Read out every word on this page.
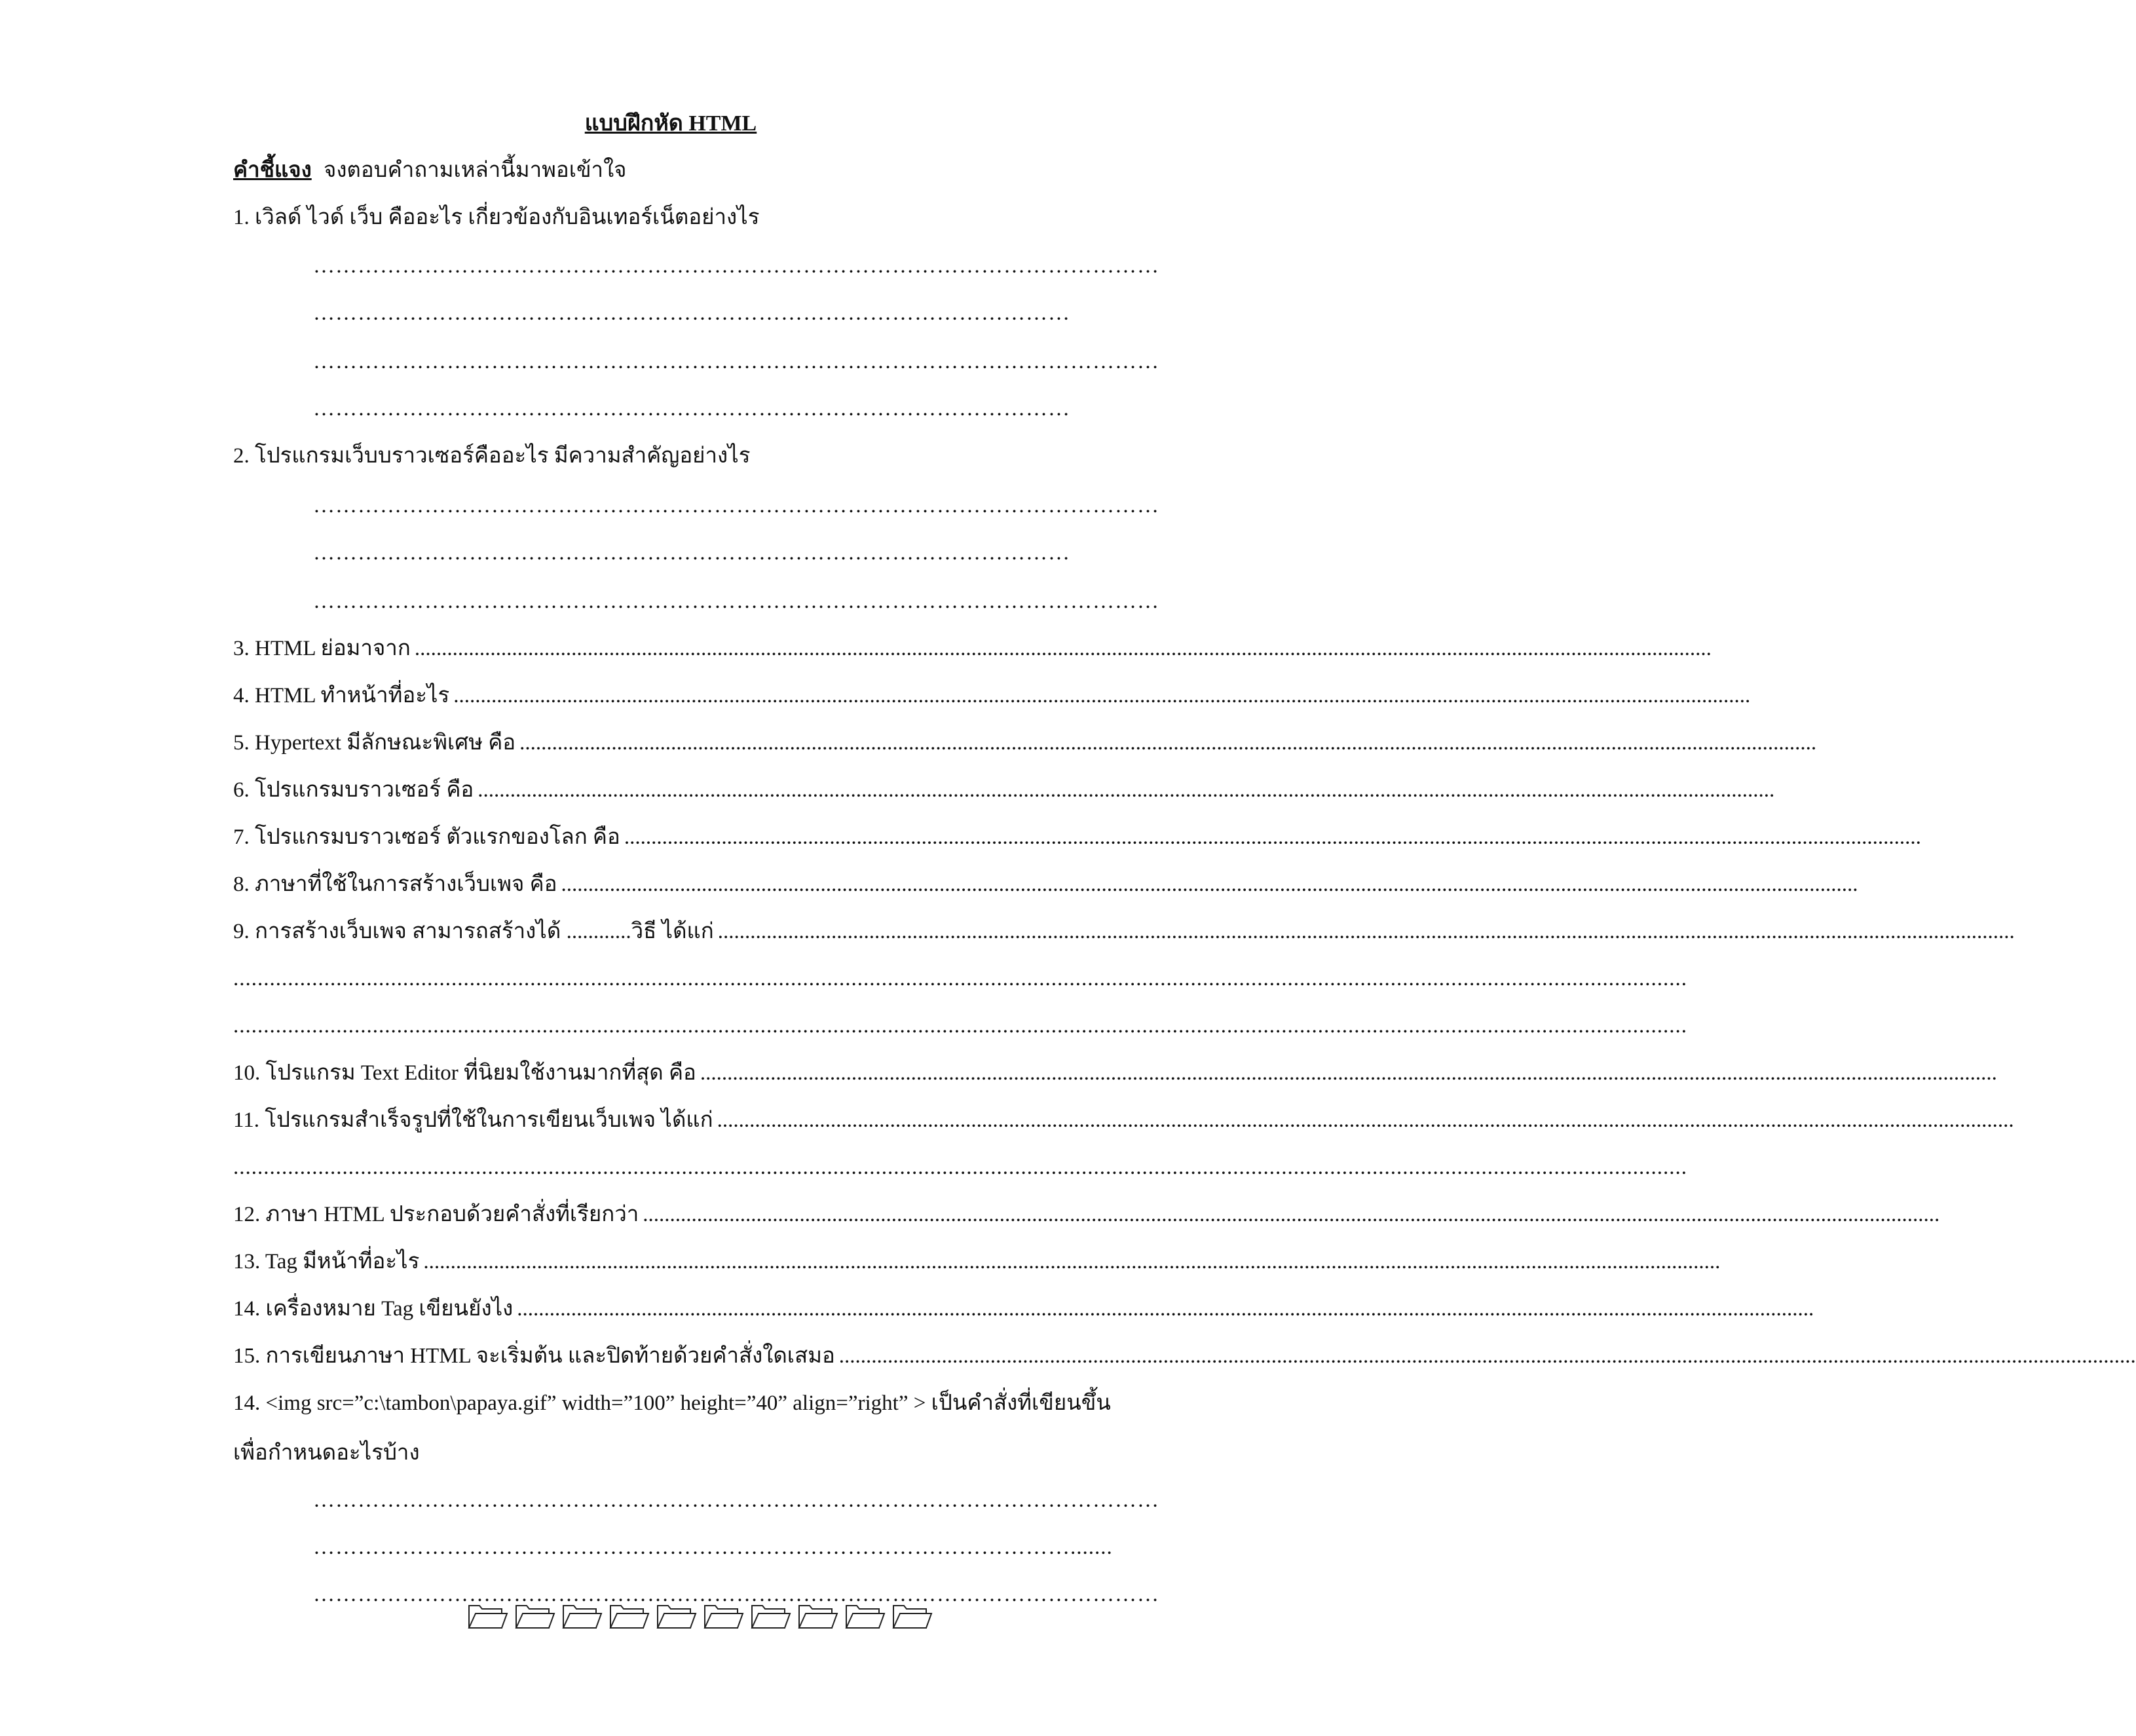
แบบฝึกหัด HTML
คำชี้แจง จงตอบคำถามเหล่านี้มาพอเข้าใจ
1. เวิลด์ ไวด์ เว็บ คืออะไร เกี่ยวข้องกับอินเทอร์เน็ตอย่างไร
……………………………………………………………………………………………………
…………………………………………………………………………………………
……………………………………………………………………………………………………
…………………………………………………………………………………………
2. โปรแกรมเว็บบราวเซอร์คืออะไร มีความสำคัญอย่างไร
……………………………………………………………………………………………………
…………………………………………………………………………………………
……………………………………………………………………………………………………
3. HTML ย่อมาจาก ................................................................................................................................................................................................................................................
4. HTML ทำหน้าที่อะไร ................................................................................................................................................................................................................................................
5. Hypertext มีลักษณะพิเศษ คือ ................................................................................................................................................................................................................................................
6. โปรแกรมบราวเซอร์ คือ ................................................................................................................................................................................................................................................
7. โปรแกรมบราวเซอร์ ตัวแรกของโลก คือ ................................................................................................................................................................................................................................................
8. ภาษาที่ใช้ในการสร้างเว็บเพจ คือ ................................................................................................................................................................................................................................................
9. การสร้างเว็บเพจ สามารถสร้างได้ ............วิธี ได้แก่ ................................................................................................................................................................................................................................................
................................................................................................................................................................................................................................................
................................................................................................................................................................................................................................................
10. โปรแกรม Text Editor ที่นิยมใช้งานมากที่สุด คือ ................................................................................................................................................................................................................................................
11. โปรแกรมสำเร็จรูปที่ใช้ในการเขียนเว็บเพจ ได้แก่ ................................................................................................................................................................................................................................................
................................................................................................................................................................................................................................................
12. ภาษา HTML ประกอบด้วยคำสั่งที่เรียกว่า ................................................................................................................................................................................................................................................
13. Tag มีหน้าที่อะไร ................................................................................................................................................................................................................................................
14. เครื่องหมาย Tag เขียนยังไง ................................................................................................................................................................................................................................................
15. การเขียนภาษา HTML จะเริ่มต้น และปิดท้ายด้วยคำสั่งใดเสมอ ................................................................................................................................................................................................................................................
14. <img src=”c:\tambon\papaya.gif” width=”100” height=”40” align=”right” > เป็นคำสั่งที่เขียนขึ้น
เพื่อกำหนดอะไรบ้าง
……………………………………………………………………………………………………
………………………………………………………………………………………….......
……………………………………………………………………………………………………
